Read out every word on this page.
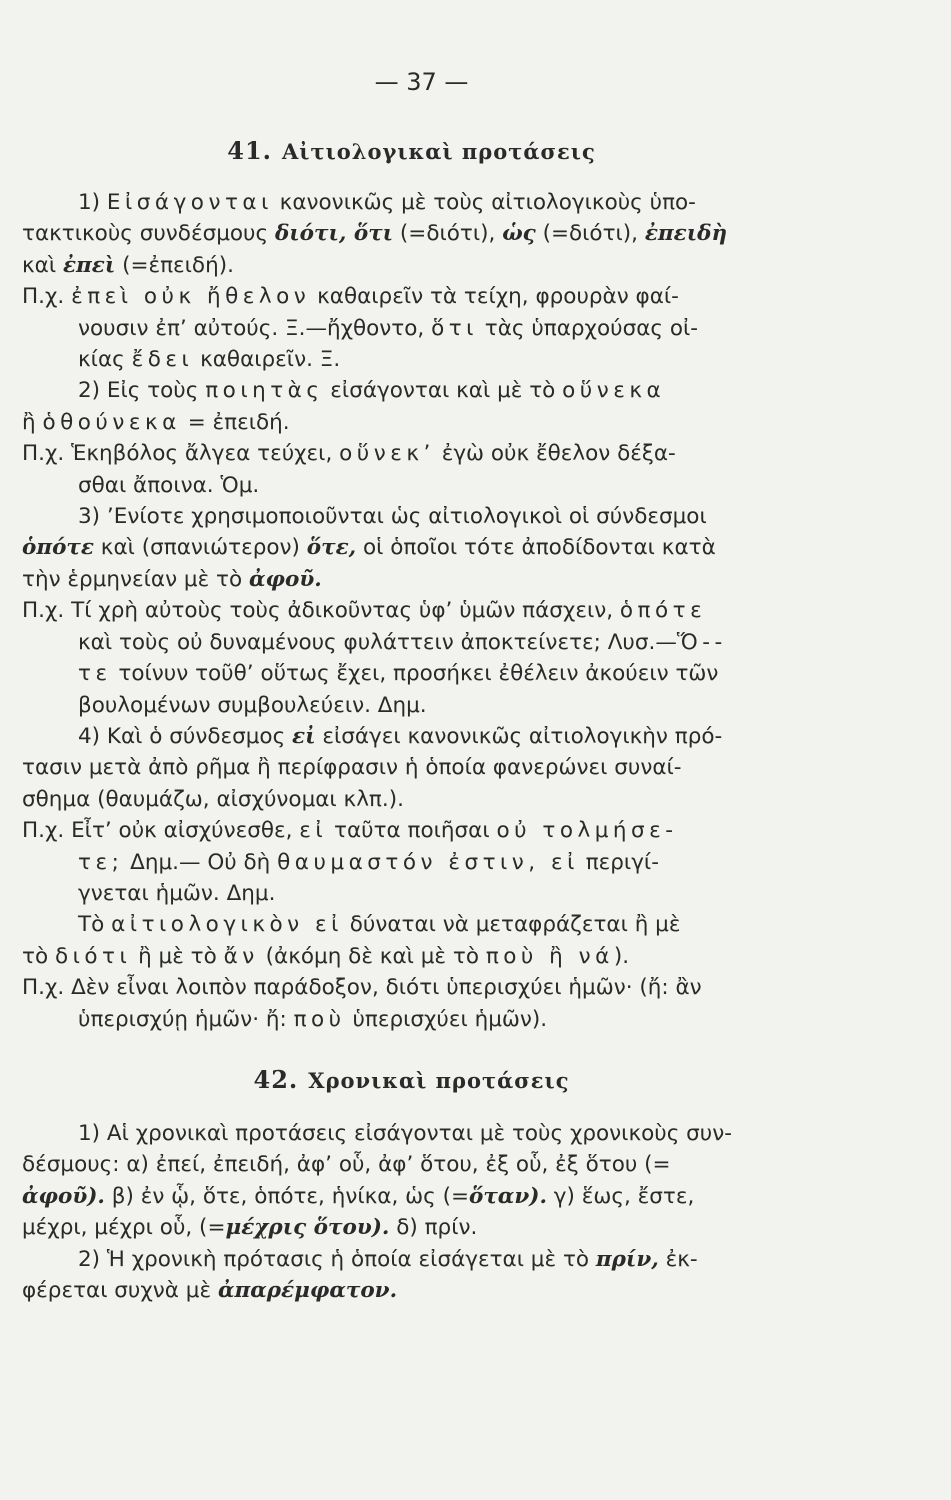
— 37 —
41. Αἰτιολογικαὶ προτάσεις
1) Εἰσάγονται κανονικῶς μὲ τοὺς αἰτιολογικοὺς ὑπο-
τακτικοὺς συνδέσμους διότι, ὅτι (=διότι), ὡς (=διότι), ἐπειδὴ
καὶ ἐπεὶ (=ἐπειδή).
Π.χ. ἐπεὶ οὐκ ἤθελον καθαιρεῖν τὰ τείχη, φρουρὰν φαί-
νουσιν ἐπ’ αὐτούς. Ξ.—ἤχθοντο, ὅτι τὰς ὑπαρχούσας οἰ-
κίας ἔδει καθαιρεῖν. Ξ.
2) Εἰς τοὺς ποιητὰς εἰσάγονται καὶ μὲ τὸ οὕνεκα
ἢ ὁθούνεκα = ἐπειδή.
Π.χ. Ἑκηβόλος ἄλγεα τεύχει, οὕνεκ’ ἐγὼ οὐκ ἔθελον δέξα-
σθαι ἄποινα. Ὁμ.
3) ’Ενίοτε χρησιμοποιοῦνται ὡς αἰτιολογικοὶ οἱ σύνδεσμοι
ὁπότε καὶ (σπανιώτερον) ὅτε, οἱ ὁποῖοι τότε ἀποδίδονται κατὰ
τὴν ἑρμηνείαν μὲ τὸ ἀφοῦ.
Π.χ. Τί χρὴ αὐτοὺς τοὺς ἀδικοῦντας ὑφ’ ὑμῶν πάσχειν, ὁπότε
καὶ τοὺς οὐ δυναμένους φυλάττειν ἀποκτείνετε; Λυσ.—Ὅ--
τε τοίνυν τοῦθ’ οὕτως ἔχει, προσήκει ἐθέλειν ἀκούειν τῶν
βουλομένων συμβουλεύειν. Δημ.
4) Καὶ ὁ σύνδεσμος εἰ εἰσάγει κανονικῶς αἰτιολογικὴν πρό-
τασιν μετὰ ἀπὸ ρῆμα ἢ περίφρασιν ἡ ὁποία φανερώνει συναί-
σθημα (θαυμάζω, αἰσχύνομαι κλπ.).
Π.χ. Εἶτ’ οὐκ αἰσχύνεσθε, εἰ ταῦτα ποιῆσαι οὐ τολμήσε-
τε; Δημ.— Οὐ δὴ θαυμαστόν ἐστιν, εἰ περιγί-
γνεται ἡμῶν. Δημ.
Τὸ αἰτιολογικὸν εἰ δύναται νὰ μεταφράζεται ἢ μὲ
τὸ διότι ἢ μὲ τὸ ἄν (ἀκόμη δὲ καὶ μὲ τὸ ποὺ ἢ νά).
Π.χ. Δὲν εἶναι λοιπὸν παράδοξον, διότι ὑπερισχύει ἡμῶν· (ἤ: ἂν
ὑπερισχύῃ ἡμῶν· ἤ: ποὺ ὑπερισχύει ἡμῶν).
42. Χρονικαὶ προτάσεις
1) Αἱ χρονικαὶ προτάσεις εἰσάγονται μὲ τοὺς χρονικοὺς συν-
δέσμους: α) ἐπεί, ἐπειδή, ἀφ’ οὗ, ἀφ’ ὅτου, ἐξ οὗ, ἐξ ὅτου (=
ἀφοῦ). β) ἐν ᾧ, ὅτε, ὁπότε, ἡνίκα, ὡς (=ὅταν). γ) ἕως, ἔστε,
μέχρι, μέχρι οὗ, (=μέχρις ὅτου). δ) πρίν.
2) Ἡ χρονικὴ πρότασις ἡ ὁποία εἰσάγεται μὲ τὸ πρίν, ἐκ-
φέρεται συχνὰ μὲ ἀπαρέμφατον.
